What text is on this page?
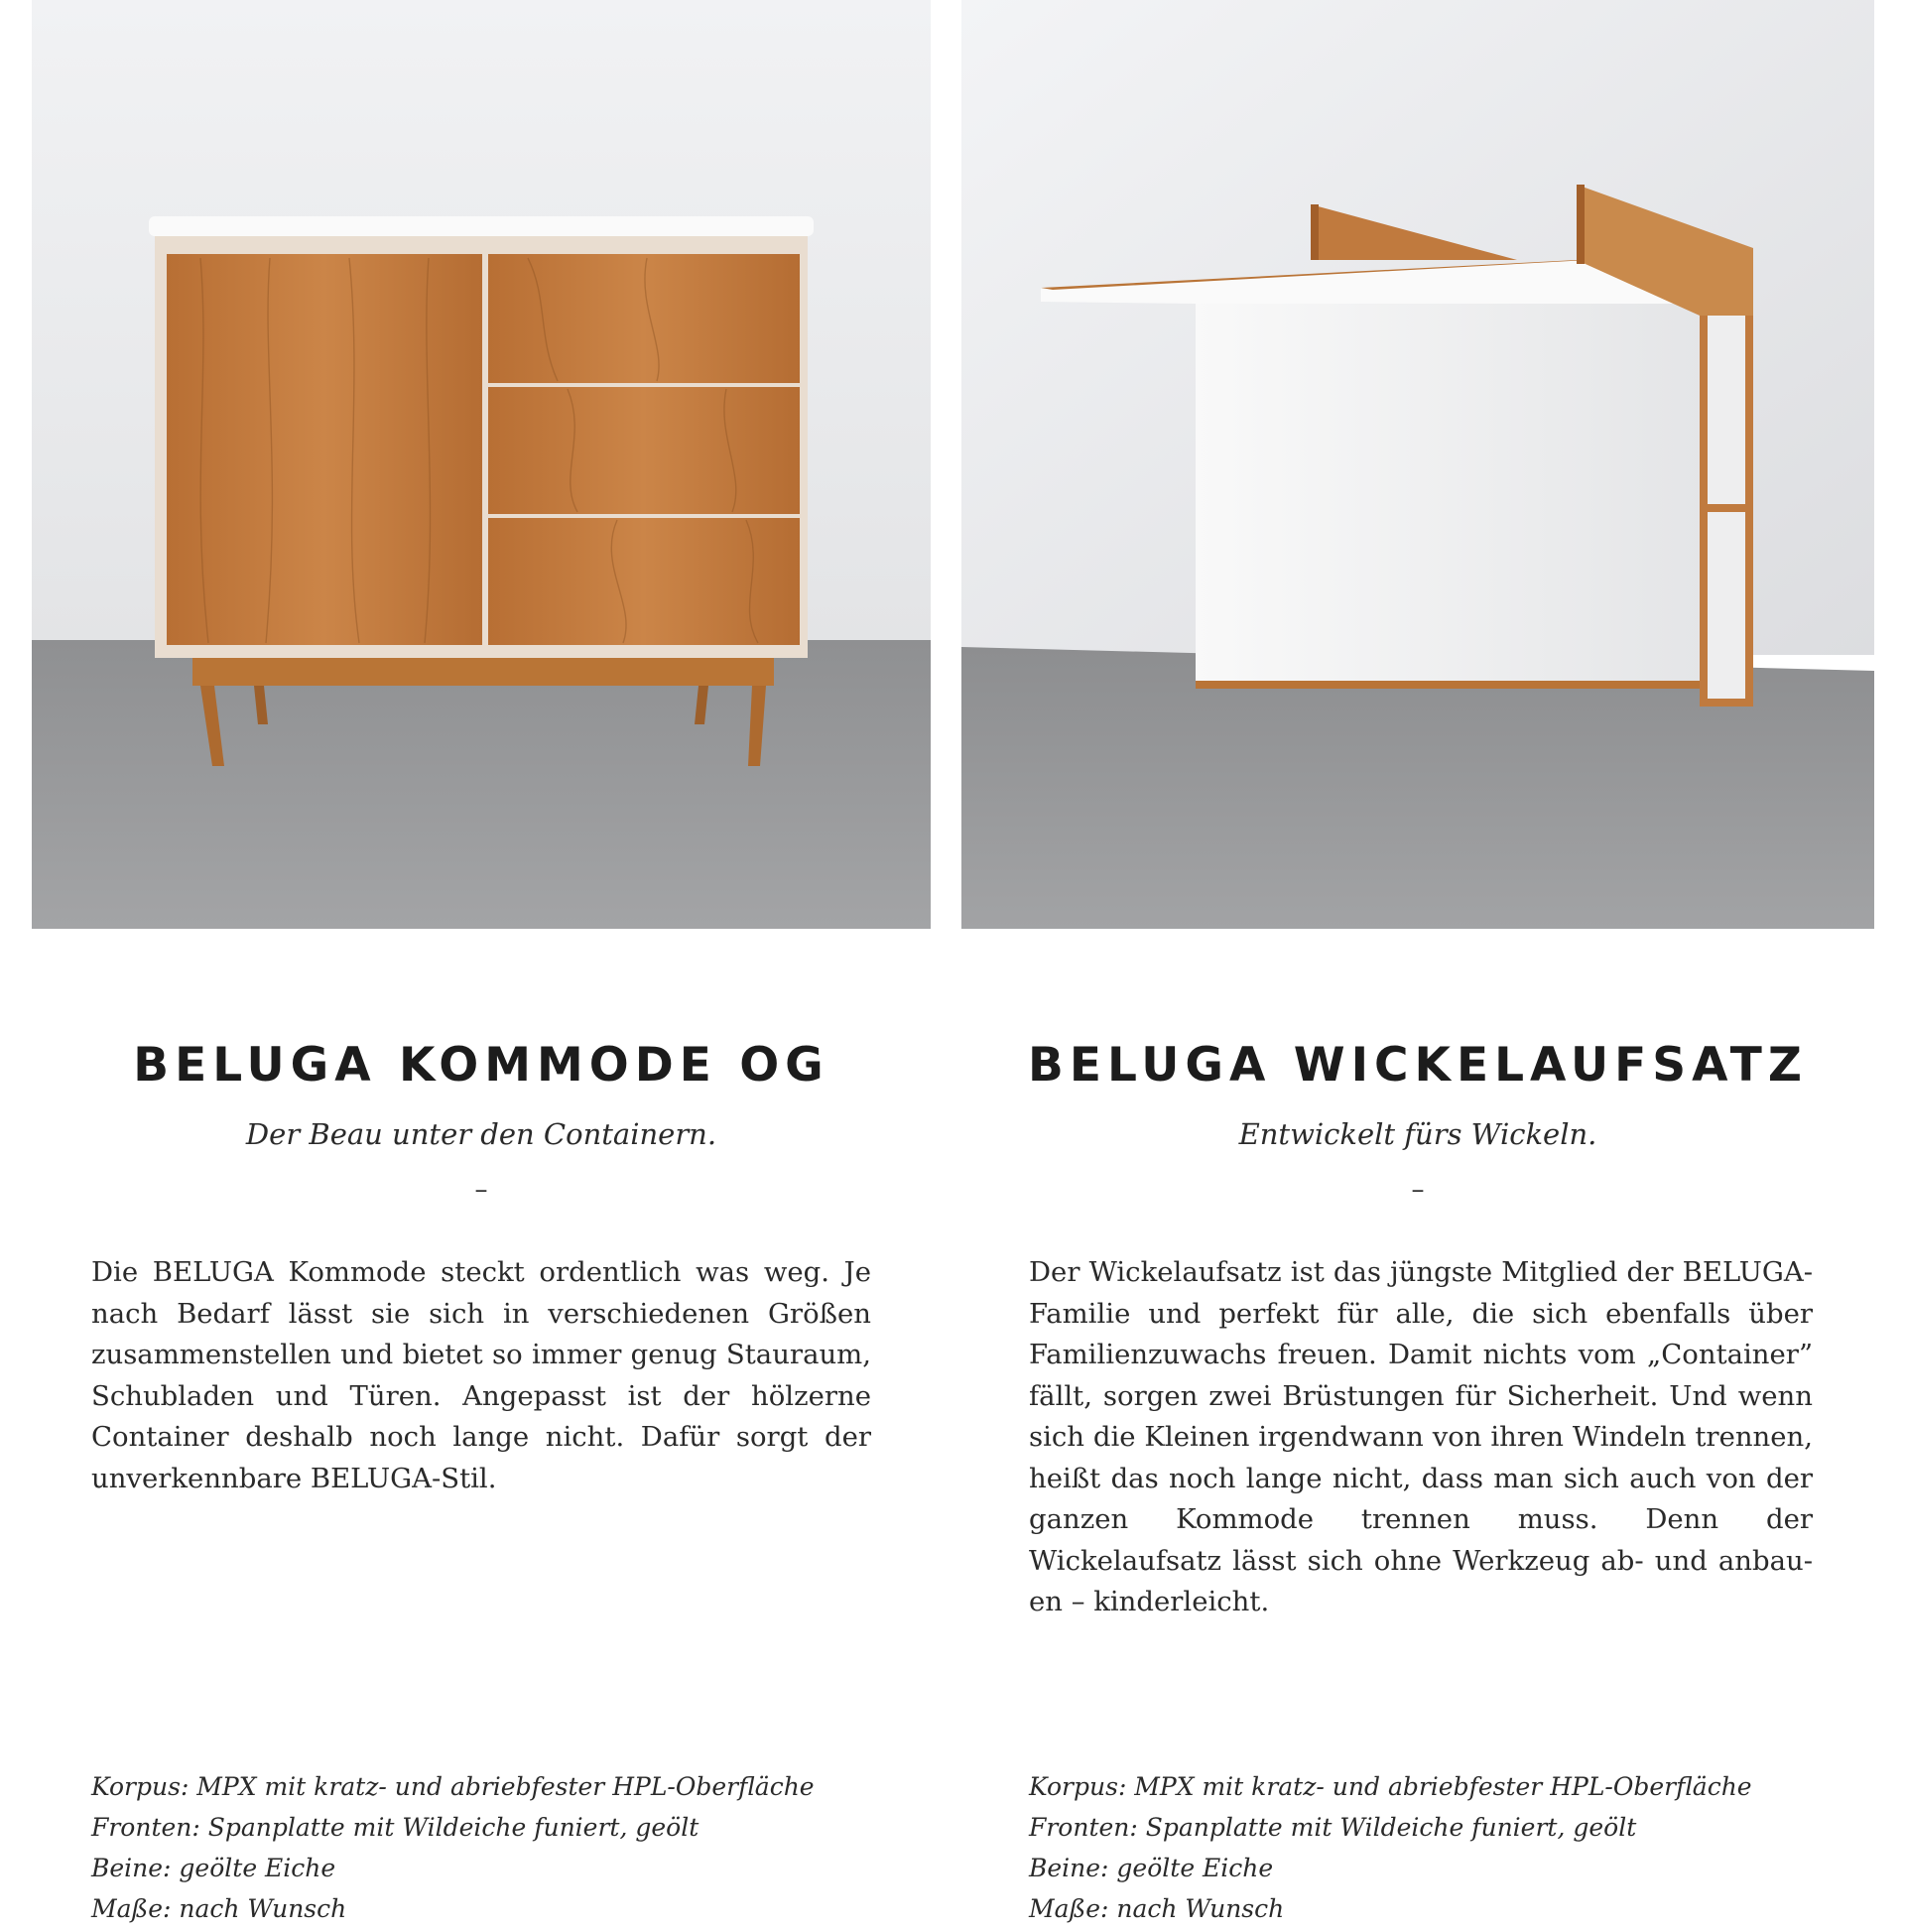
BELUGA KOMMODE OG
Der Beau unter den Containern.
–

Die BELUGA Kommode steckt ordentlich was weg. Je nach Bedarf lässt sie sich in verschiedenen Größen zusammenstellen und bietet so immer genug Stauraum, Schubladen und Türen. Angepasst ist der hölzerne Container deshalb noch lange nicht. Dafür sorgt der unverkennbare BELUGA-Stil.

Korpus: MPX mit kratz- und abriebfester HPL-Oberfläche
Fronten: Spanplatte mit Wildeiche funiert, geölt
Beine: geölte Eiche
Maße: nach Wunsch
BELUGA WICKELAUFSATZ
Entwickelt fürs Wickeln.
–

Der Wickelaufsatz ist das jüngste Mitglied der BELUGA-Familie und perfekt für alle, die sich ebenfalls über Familienzuwachs freuen. Damit nichts vom „Container” fällt, sorgen zwei Brüstungen für Sicherheit. Und wenn sich die Kleinen irgendwann von ihren Windeln trennen, heißt das noch lange nicht, dass man sich auch von der ganzen Kommode trennen muss. Denn der Wickelaufsatz lässt sich ohne Werkzeug ab- und anbau-en – kinderleicht.

Korpus: MPX mit kratz- und abriebfester HPL-Oberfläche
Fronten: Spanplatte mit Wildeiche funiert, geölt
Beine: geölte Eiche
Maße: nach Wunsch
